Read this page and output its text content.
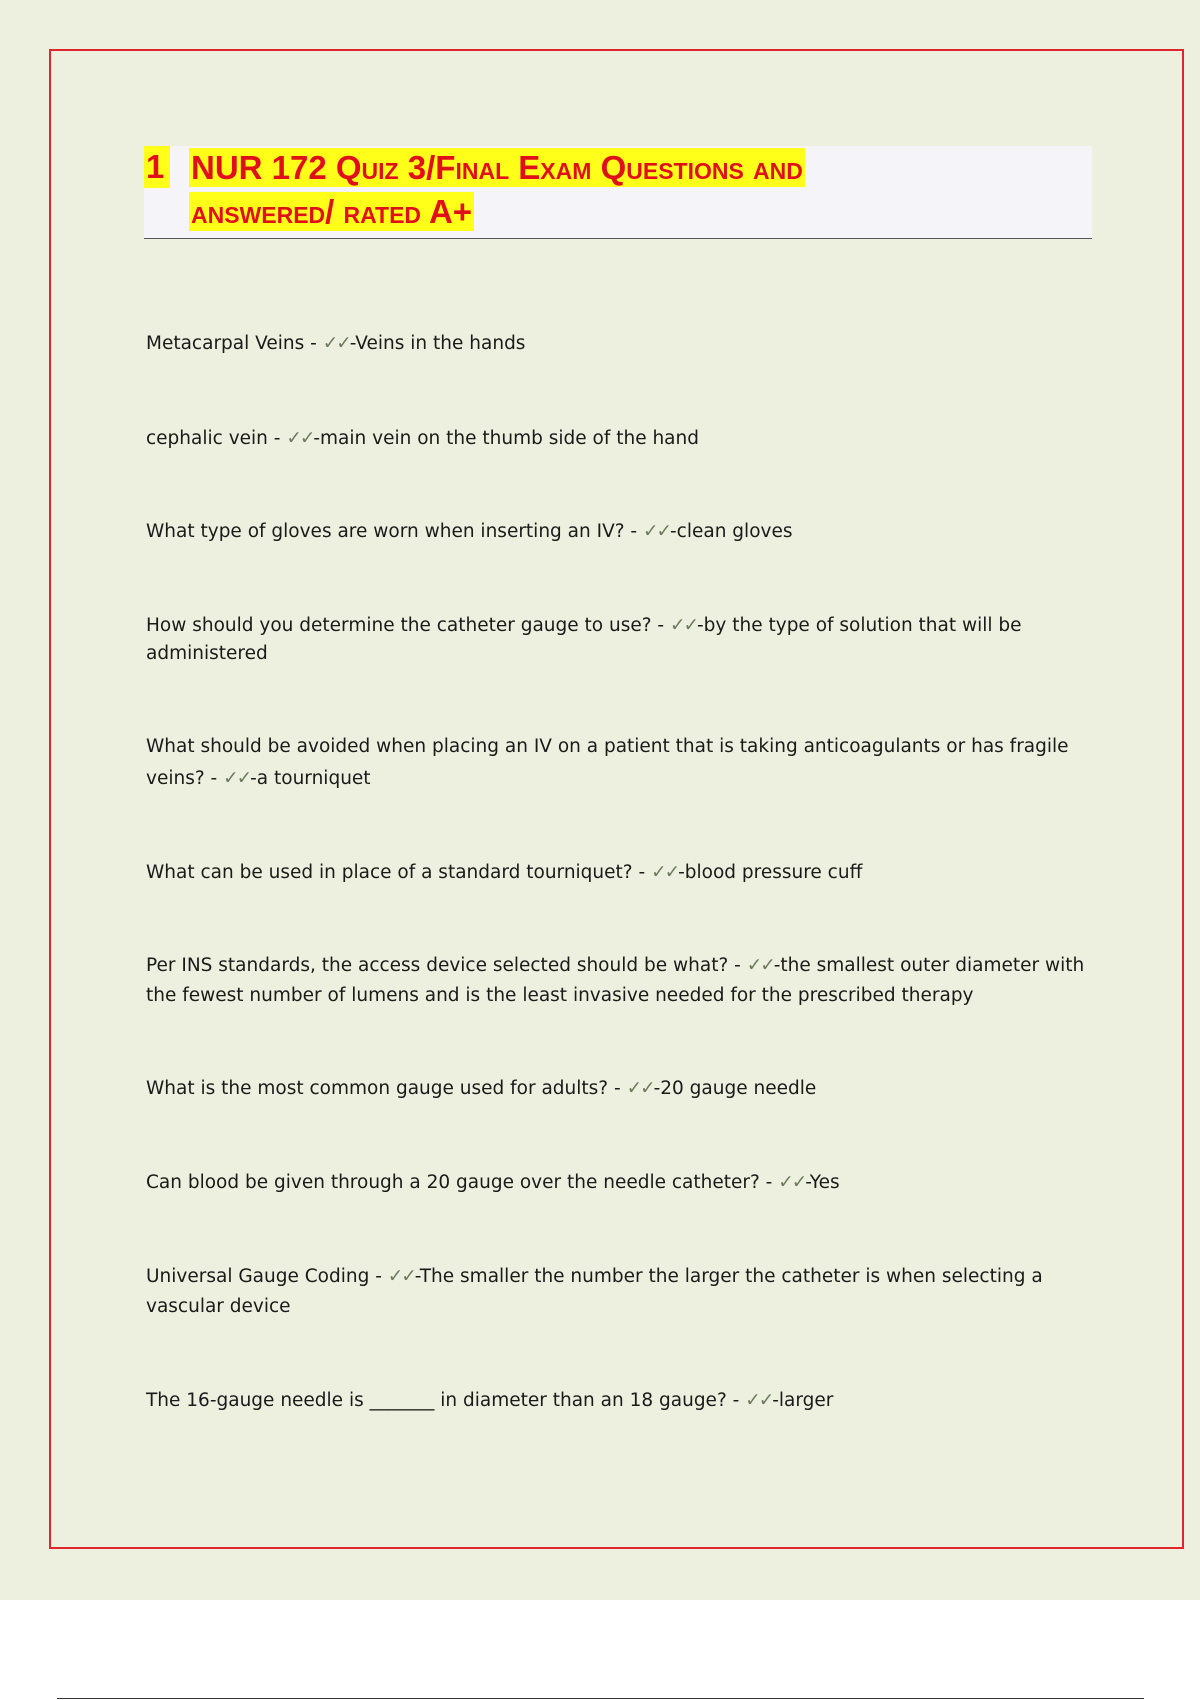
1 NUR 172 Quiz 3/Final Exam Questions and answered/ rated A+
Metacarpal Veins - ✓✓-Veins in the hands
cephalic vein - ✓✓-main vein on the thumb side of the hand
What type of gloves are worn when inserting an IV? - ✓✓-clean gloves
How should you determine the catheter gauge to use? - ✓✓-by the type of solution that will be administered
What should be avoided when placing an IV on a patient that is taking anticoagulants or has fragile veins? - ✓✓-a tourniquet
What can be used in place of a standard tourniquet? - ✓✓-blood pressure cuff
Per INS standards, the access device selected should be what? - ✓✓-the smallest outer diameter with the fewest number of lumens and is the least invasive needed for the prescribed therapy
What is the most common gauge used for adults? - ✓✓-20 gauge needle
Can blood be given through a 20 gauge over the needle catheter? - ✓✓-Yes
Universal Gauge Coding - ✓✓-The smaller the number the larger the catheter is when selecting a vascular device
The 16-gauge needle is _______ in diameter than an 18 gauge? - ✓✓-larger
